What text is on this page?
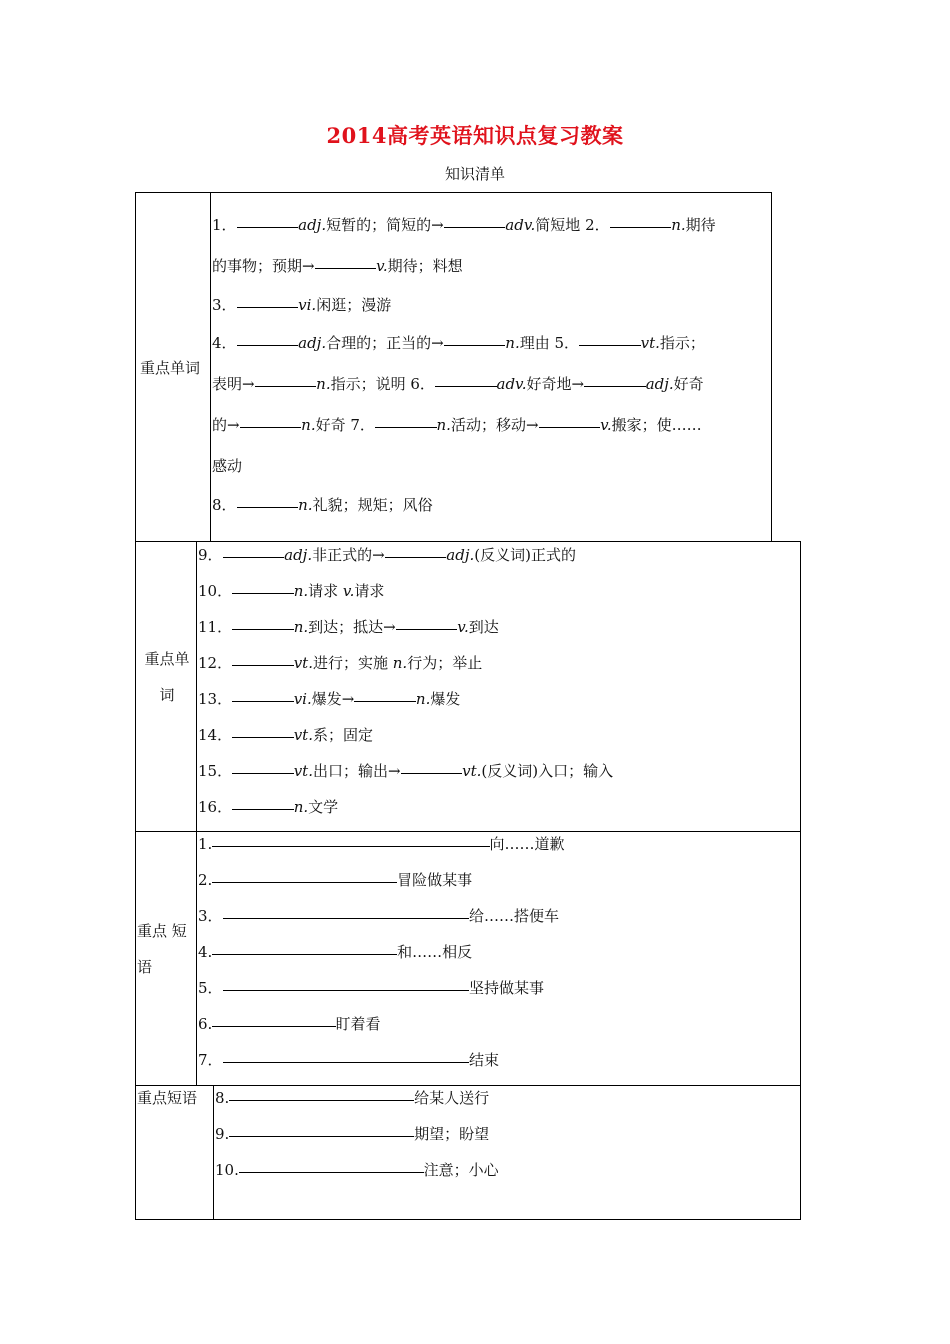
2014高考英语知识点复习教案
知识清单
重点单词
1．	adj.短暂的；简短的→	adv.简短地 2．	n.期待
的事物；预期→	v.期待；料想
3．	vi.闲逛；漫游
4．	adj.合理的；正当的→	n.理由 5．	vt.指示；
表明→	n.指示；说明 6．	adv.好奇地→	adj.好奇
的→	n.好奇 7．	n.活动；移动→	v.搬家；使……
感动
8．	n.礼貌；规矩；风俗
重点单
词
9．	adj.非正式的→	adj.(反义词)正式的
10．	n.请求 v.请求
11．	n.到达；抵达→	v.到达
12．	vt.进行；实施 n.行为；举止
13．	vi.爆发→	n.爆发
14．	vt.系；固定
15．	vt.出口；输出→	vt.(反义词)入口；输入
16．	n.文学
重点 短
语
1.	向……道歉
2.	冒险做某事
3．	给……搭便车
4.	和……相反
5．	坚持做某事
6.	盯着看
7．	结束
重点短语 8.	给某人送行
9.	期望；盼望
10.	注意；小心
